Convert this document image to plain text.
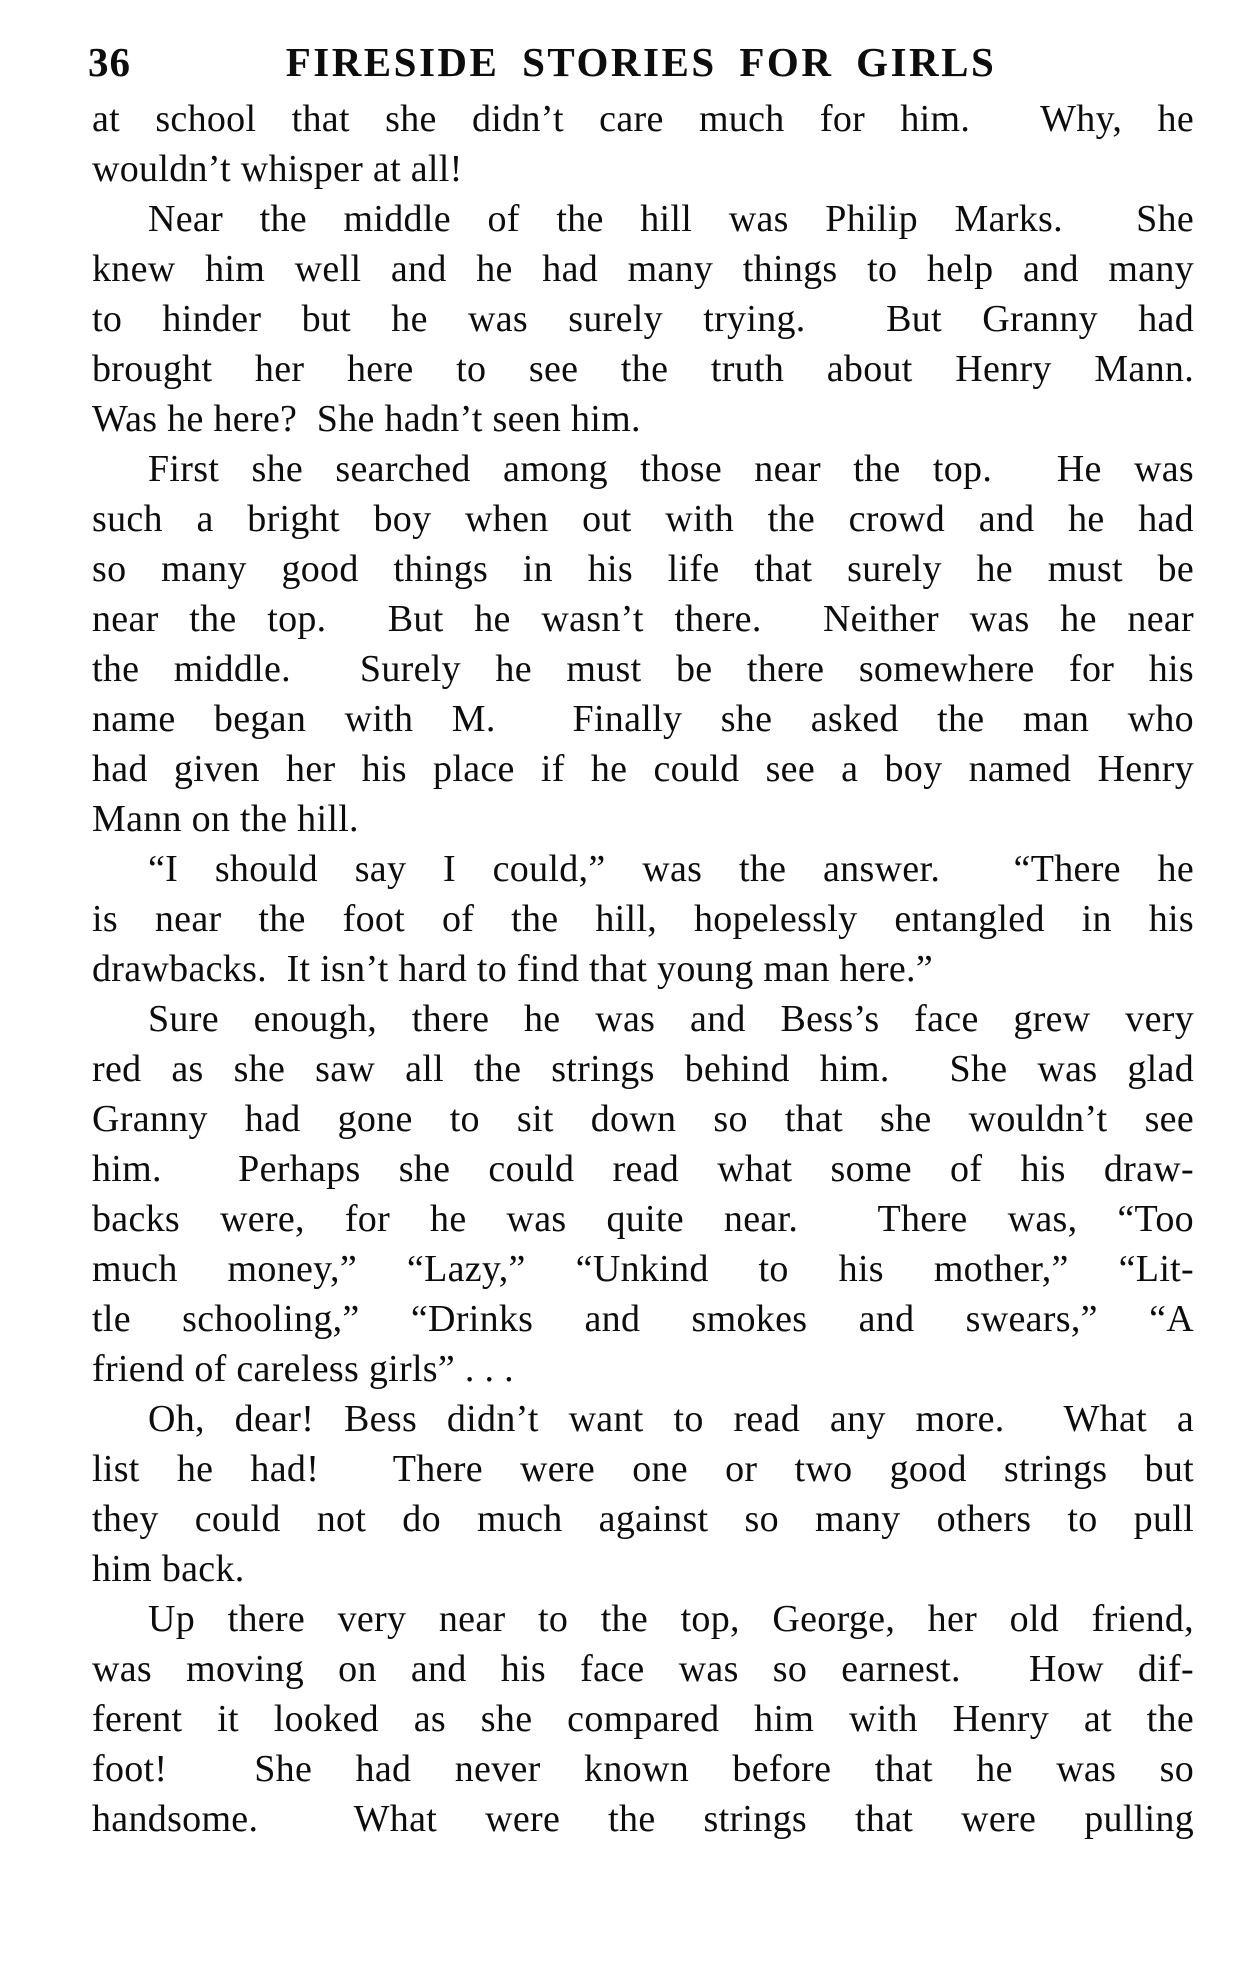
36	FIRESIDE STORIES FOR GIRLS
at school that she didn’t care much for him.  Why, he
wouldn’t whisper at all!
Near the middle of the hill was Philip Marks.  She
knew him well and he had many things to help and many
to hinder but he was surely trying.  But Granny had
brought her here to see the truth about Henry Mann.
Was he here?  She hadn’t seen him.
First she searched among those near the top.  He was
such a bright boy when out with the crowd and he had
so many good things in his life that surely he must be
near the top.  But he wasn’t there.  Neither was he near
the middle.  Surely he must be there somewhere for his
name began with M.  Finally she asked the man who
had given her his place if he could see a boy named Henry
Mann on the hill.
“I should say I could,” was the answer.  “There he
is near the foot of the hill, hopelessly entangled in his
drawbacks.  It isn’t hard to find that young man here.”
Sure enough, there he was and Bess’s face grew very
red as she saw all the strings behind him.  She was glad
Granny had gone to sit down so that she wouldn’t see
him.  Perhaps she could read what some of his draw-
backs were, for he was quite near.  There was, “Too
much money,” “Lazy,” “Unkind to his mother,” “Lit-
tle schooling,” “Drinks and smokes and swears,” “A
friend of careless girls” . . .
Oh, dear! Bess didn’t want to read any more.  What a
list he had!  There were one or two good strings but
they could not do much against so many others to pull
him back.
Up there very near to the top, George, her old friend,
was moving on and his face was so earnest.  How dif-
ferent it looked as she compared him with Henry at the
foot!  She had never known before that he was so
handsome.  What were the strings that were pulling
